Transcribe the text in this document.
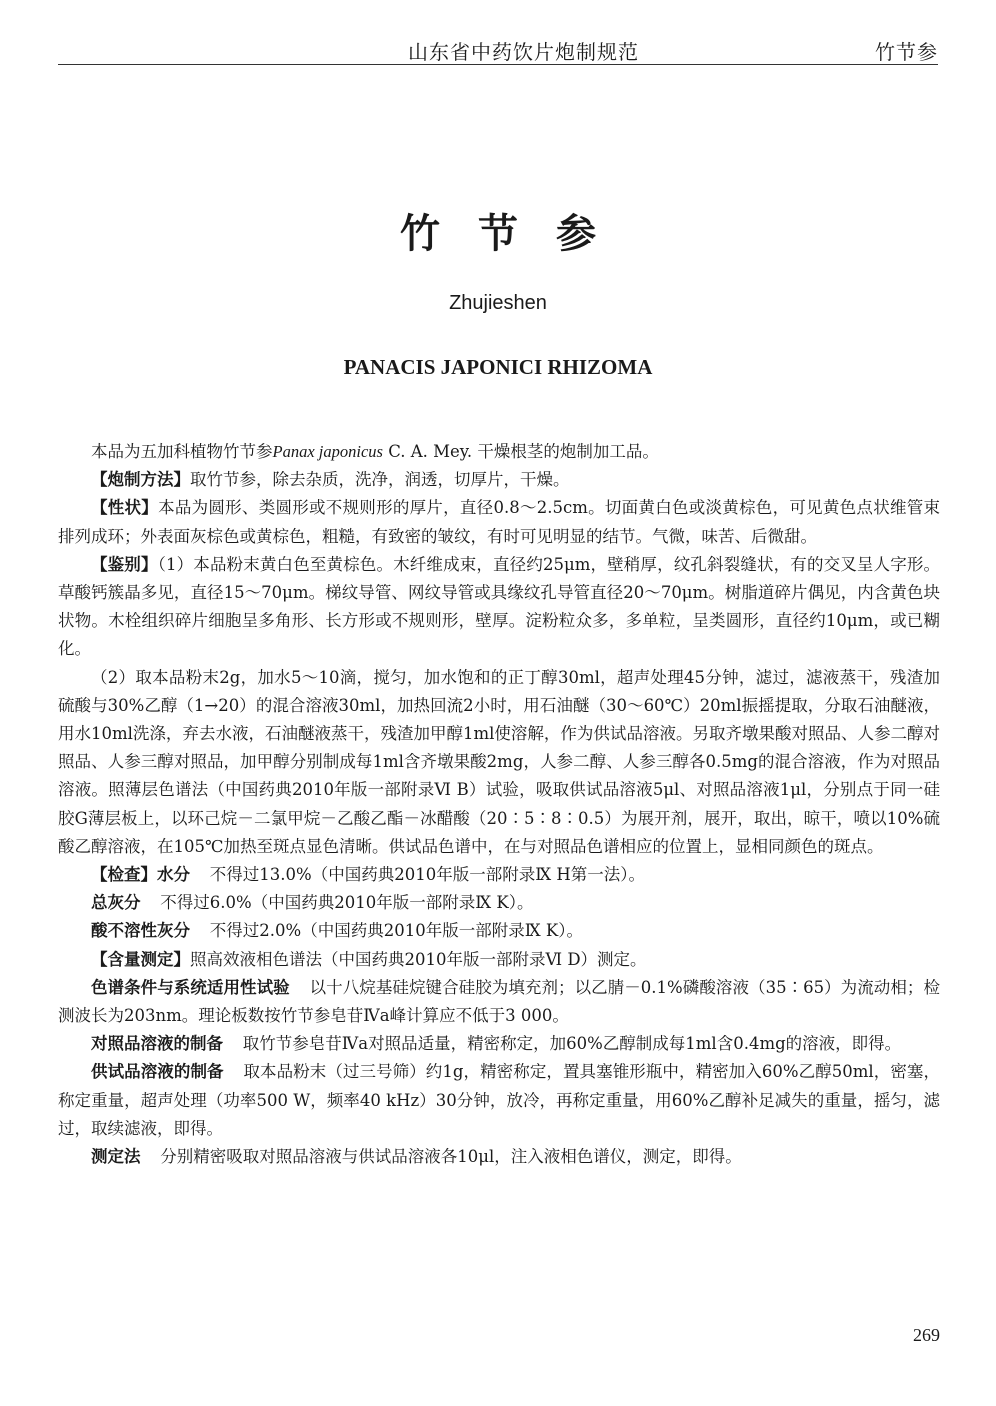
山东省中药饮片炮制规范	竹节参
竹节参
Zhujieshen
PANACIS JAPONICI RHIZOMA

本品为五加科植物竹节参Panax japonicus C. A. Mey. 干燥根茎的炮制加工品。

【炮制方法】取竹节参，除去杂质，洗净，润透，切厚片，干燥。

【性状】本品为圆形、类圆形或不规则形的厚片，直径0.8～2.5cm。切面黄白色或淡黄棕色，可见黄色点状维管束排列成环；外表面灰棕色或黄棕色，粗糙，有致密的皱纹，有时可见明显的结节。气微，味苦、后微甜。

【鉴别】（1）本品粉末黄白色至黄棕色。木纤维成束，直径约25μm，壁稍厚，纹孔斜裂缝状，有的交叉呈人字形。草酸钙簇晶多见，直径15～70μm。梯纹导管、网纹导管或具缘纹孔导管直径20～70μm。树脂道碎片偶见，内含黄色块状物。木栓组织碎片细胞呈多角形、长方形或不规则形，壁厚。淀粉粒众多，多单粒，呈类圆形，直径约10μm，或已糊化。

（2）取本品粉末2g，加水5～10滴，搅匀，加水饱和的正丁醇30ml，超声处理45分钟，滤过，滤液蒸干，残渣加硫酸与30%乙醇（1→20）的混合溶液30ml，加热回流2小时，用石油醚（30～60℃）20ml振摇提取，分取石油醚液，用水10ml洗涤，弃去水液，石油醚液蒸干，残渣加甲醇1ml使溶解，作为供试品溶液。另取齐墩果酸对照品、人参二醇对照品、人参三醇对照品，加甲醇分别制成每1ml含齐墩果酸2mg，人参二醇、人参三醇各0.5mg的混合溶液，作为对照品溶液。照薄层色谱法（中国药典2010年版一部附录Ⅵ B）试验，吸取供试品溶液5μl、对照品溶液1μl，分别点于同一硅胶G薄层板上，以环己烷－二氯甲烷－乙酸乙酯－冰醋酸（20∶5∶8∶0.5）为展开剂，展开，取出，晾干，喷以10%硫酸乙醇溶液，在105℃加热至斑点显色清晰。供试品色谱中，在与对照品色谱相应的位置上，显相同颜色的斑点。

【检查】水分 不得过13.0%（中国药典2010年版一部附录Ⅸ H第一法）。

总灰分 不得过6.0%（中国药典2010年版一部附录Ⅸ K）。

酸不溶性灰分 不得过2.0%（中国药典2010年版一部附录Ⅸ K）。

【含量测定】照高效液相色谱法（中国药典2010年版一部附录Ⅵ D）测定。

色谱条件与系统适用性试验 以十八烷基硅烷键合硅胶为填充剂；以乙腈－0.1%磷酸溶液（35∶65）为流动相；检测波长为203nm。理论板数按竹节参皂苷Ⅳa峰计算应不低于3 000。

对照品溶液的制备 取竹节参皂苷Ⅳa对照品适量，精密称定，加60%乙醇制成每1ml含0.4mg的溶液，即得。

供试品溶液的制备 取本品粉末（过三号筛）约1g，精密称定，置具塞锥形瓶中，精密加入60%乙醇50ml，密塞，称定重量，超声处理（功率500 W，频率40 kHz）30分钟，放冷，再称定重量，用60%乙醇补足减失的重量，摇匀，滤过，取续滤液，即得。

测定法 分别精密吸取对照品溶液与供试品溶液各10μl，注入液相色谱仪，测定，即得。

269
